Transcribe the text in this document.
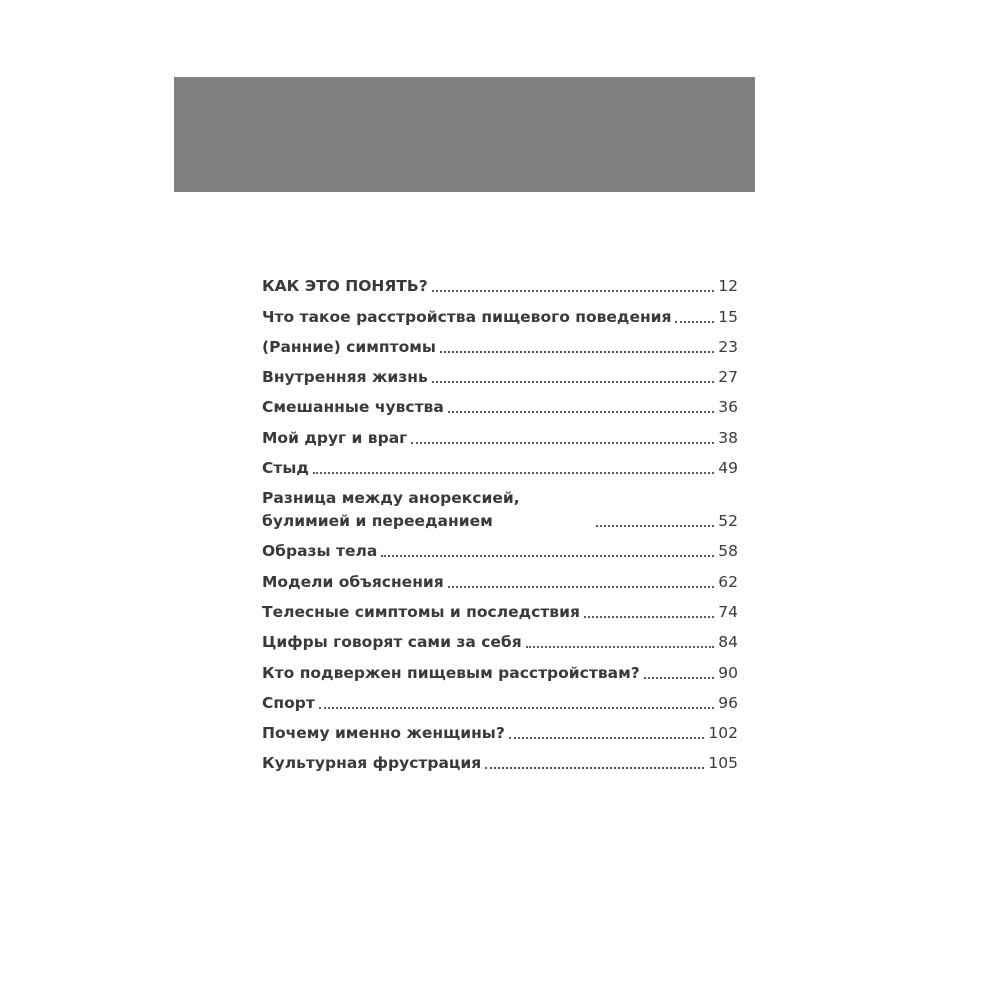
КАК ЭТО ПОНЯТЬ?	12
Что такое расстройства пищевого поведения	15
(Ранние) симптомы	23
Внутренняя жизнь	27
Смешанные чувства	36
Мой друг и враг	38
Стыд	49
Разница между анорексией, булимией и перееданием	52
Образы тела	58
Модели объяснения	62
Телесные симптомы и последствия	74
Цифры говорят сами за себя	84
Кто подвержен пищевым расстройствам?	90
Спорт	96
Почему именно женщины?	102
Культурная фрустрация	105
